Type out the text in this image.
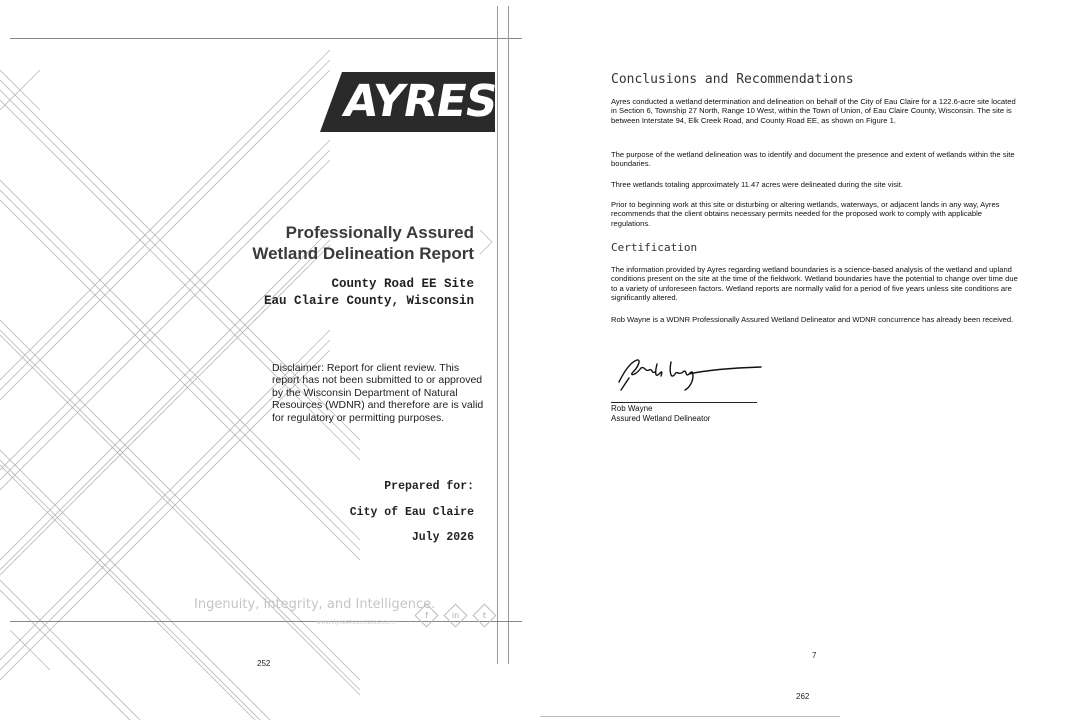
AYRES
Professionally Assured
Wetland Delineation Report
County Road EE Site
Eau Claire County, Wisconsin
Disclaimer: Report for client review. This report has not been submitted to or approved by the Wisconsin Department of Natural Resources (WDNR) and therefore are is valid for regulatory or permitting purposes.
Prepared for:
City of Eau Claire
July 2026
Ingenuity, Integrity, and Intelligence.
www.AyresAssociates.com
f	in	t
252
Conclusions and Recommendations
Ayres conducted a wetland determination and delineation on behalf of the City of Eau Claire for a 122.6-acre site located in Section 6, Township 27 North, Range 10 West, within the Town of Union, of Eau Claire County, Wisconsin. The site is between Interstate 94, Elk Creek Road, and County Road EE, as shown on Figure 1.
The purpose of the wetland delineation was to identify and document the presence and extent of wetlands within the site boundaries.
Three wetlands totaling approximately 11.47 acres were delineated during the site visit.
Prior to beginning work at this site or disturbing or altering wetlands, waterways, or adjacent lands in any way, Ayres recommends that the client obtains necessary permits needed for the proposed work to comply with applicable regulations.
Certification
The information provided by Ayres regarding wetland boundaries is a science-based analysis of the wetland and upland conditions present on the site at the time of the fieldwork. Wetland boundaries have the potential to change over time due to a variety of unforeseen factors. Wetland reports are normally valid for a period of five years unless site conditions are significantly altered.
Rob Wayne is a WDNR Professionally Assured Wetland Delineator and WDNR concurrence has already been received.
Rob Wayne
Assured Wetland Delineator
7
262
